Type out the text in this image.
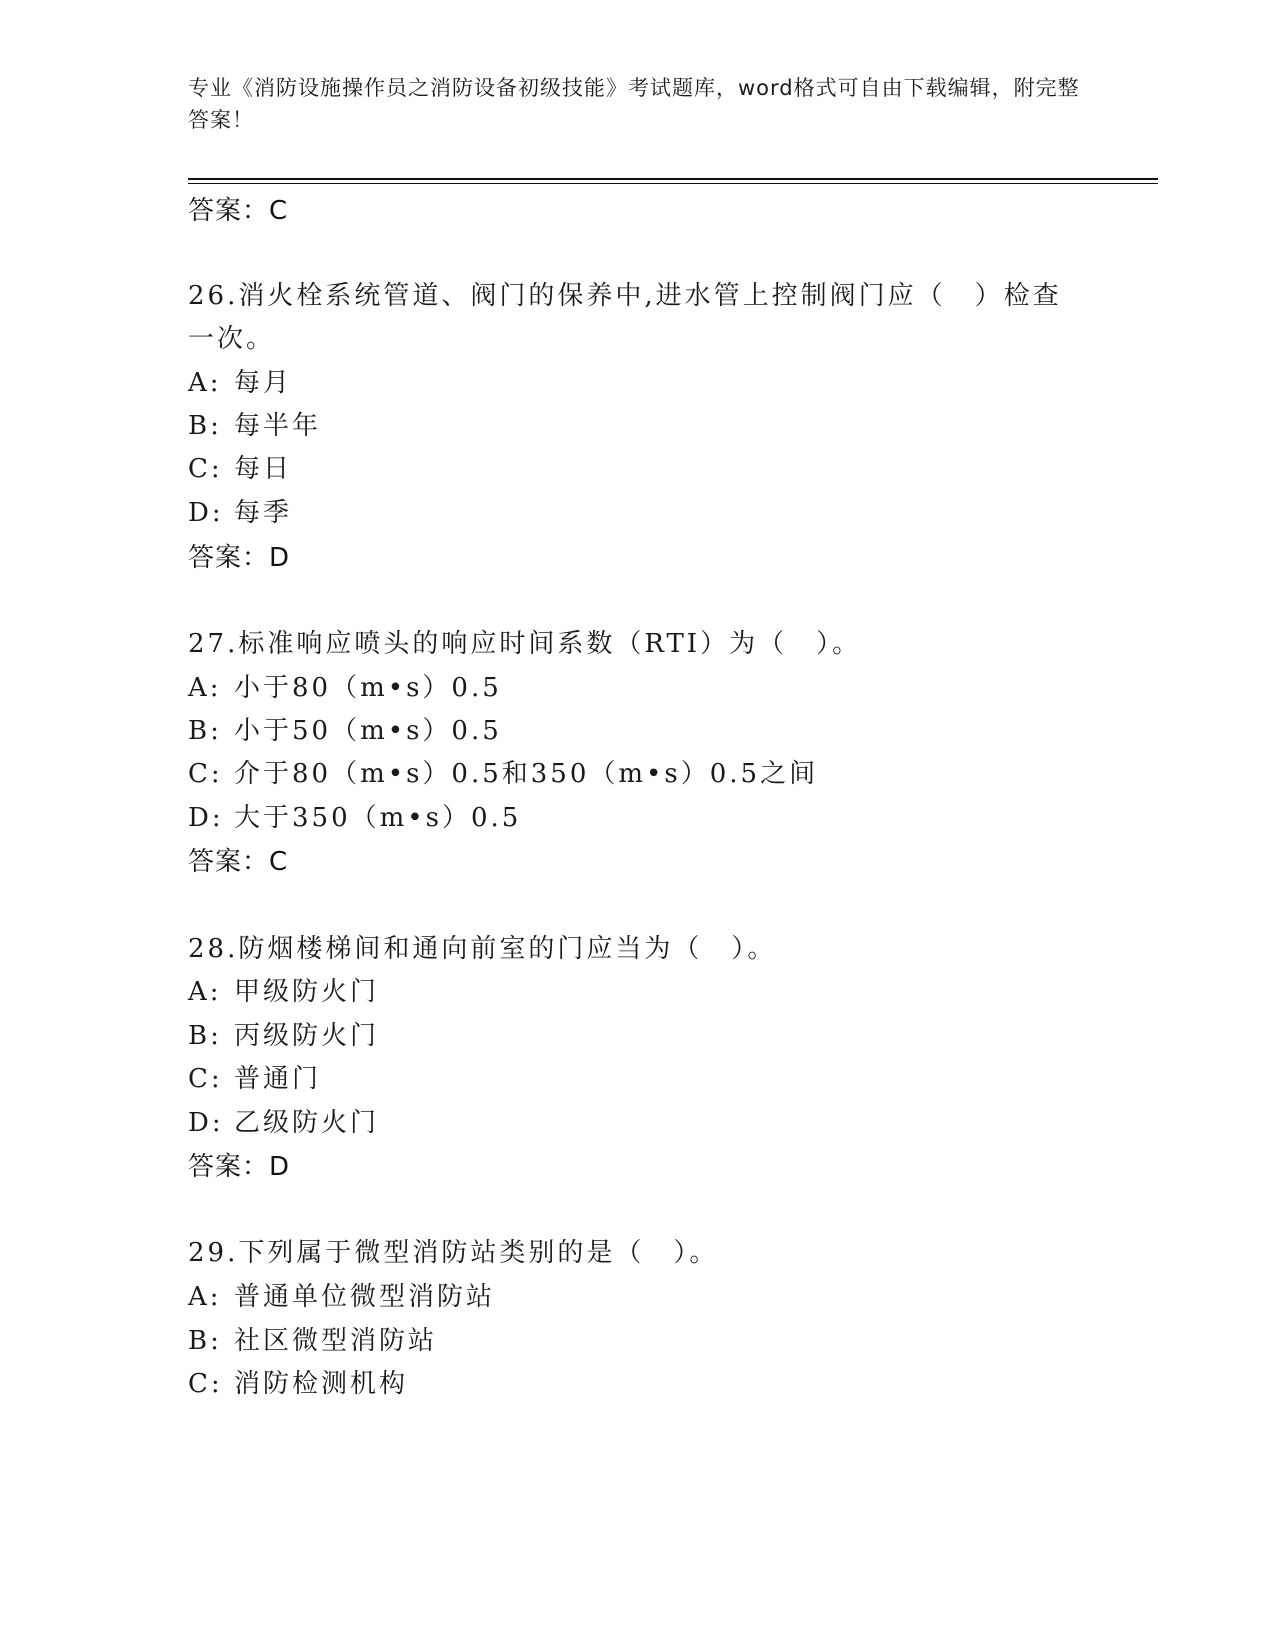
专业《消防设施操作员之消防设备初级技能》考试题库，word格式可自由下载编辑，附完整答案！
答案：C
26.消火栓系统管道、阀门的保养中,进水管上控制阀门应（　）检查
一次。
A: 每月
B: 每半年
C: 每日
D: 每季
答案：D
27.标准响应喷头的响应时间系数（RTI）为（　）。
A: 小于80（m•s）0.5
B: 小于50（m•s）0.5
C: 介于80（m•s）0.5和350（m•s）0.5之间
D: 大于350（m•s）0.5
答案：C
28.防烟楼梯间和通向前室的门应当为（　）。
A: 甲级防火门
B: 丙级防火门
C: 普通门
D: 乙级防火门
答案：D
29.下列属于微型消防站类别的是（　）。
A: 普通单位微型消防站
B: 社区微型消防站
C: 消防检测机构
